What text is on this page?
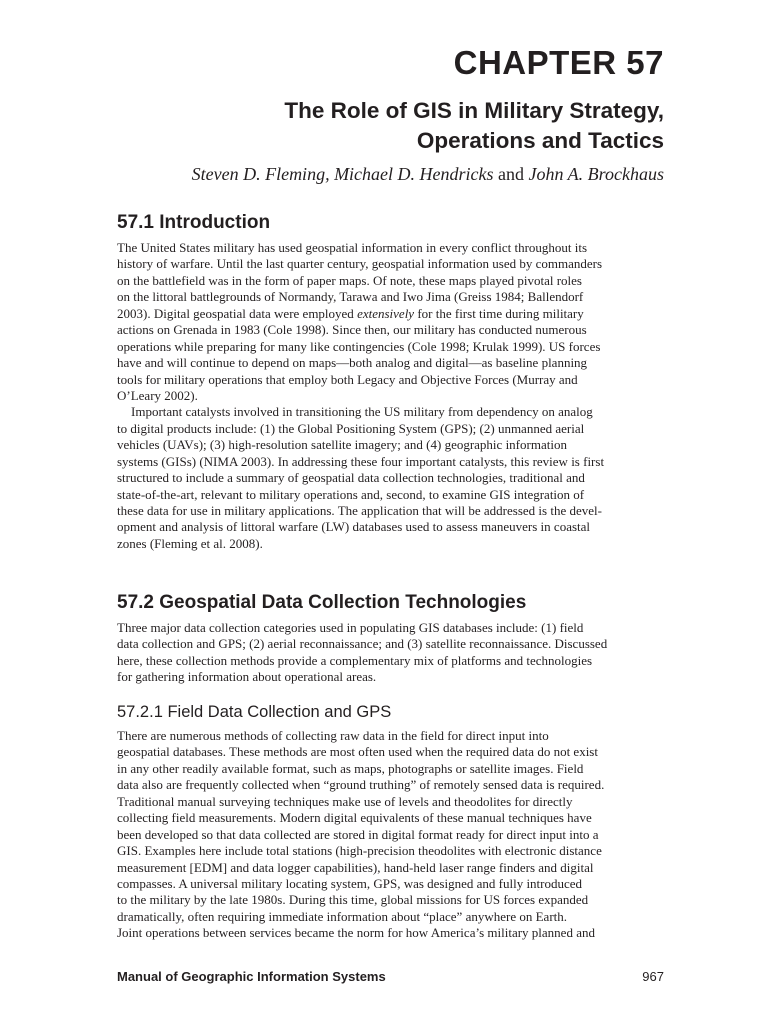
CHAPTER 57
The Role of GIS in Military Strategy,
Operations and Tactics
Steven D. Fleming, Michael D. Hendricks and John A. Brockhaus
57.1 Introduction
The United States military has used geospatial information in every conflict throughout its
history of warfare. Until the last quarter century, geospatial information used by commanders
on the battlefield was in the form of paper maps. Of note, these maps played pivotal roles
on the littoral battlegrounds of Normandy, Tarawa and Iwo Jima (Greiss 1984; Ballendorf
2003). Digital geospatial data were employed extensively for the first time during military
actions on Grenada in 1983 (Cole 1998). Since then, our military has conducted numerous
operations while preparing for many like contingencies (Cole 1998; Krulak 1999). US forces
have and will continue to depend on maps—both analog and digital—as baseline planning
tools for military operations that employ both Legacy and Objective Forces (Murray and
O’Leary 2002).
Important catalysts involved in transitioning the US military from dependency on analog
to digital products include: (1) the Global Positioning System (GPS); (2) unmanned aerial
vehicles (UAVs); (3) high-resolution satellite imagery; and (4) geographic information
systems (GISs) (NIMA 2003). In addressing these four important catalysts, this review is first
structured to include a summary of geospatial data collection technologies, traditional and
state-of-the-art, relevant to military operations and, second, to examine GIS integration of
these data for use in military applications. The application that will be addressed is the devel-
opment and analysis of littoral warfare (LW) databases used to assess maneuvers in coastal
zones (Fleming et al. 2008).
57.2 Geospatial Data Collection Technologies
Three major data collection categories used in populating GIS databases include: (1) field
data collection and GPS; (2) aerial reconnaissance; and (3) satellite reconnaissance. Discussed
here, these collection methods provide a complementary mix of platforms and technologies
for gathering information about operational areas.
57.2.1 Field Data Collection and GPS
There are numerous methods of collecting raw data in the field for direct input into
geospatial databases. These methods are most often used when the required data do not exist
in any other readily available format, such as maps, photographs or satellite images. Field
data also are frequently collected when “ground truthing” of remotely sensed data is required.
Traditional manual surveying techniques make use of levels and theodolites for directly
collecting field measurements. Modern digital equivalents of these manual techniques have
been developed so that data collected are stored in digital format ready for direct input into a
GIS. Examples here include total stations (high-precision theodolites with electronic distance
measurement [EDM] and data logger capabilities), hand-held laser range finders and digital
compasses. A universal military locating system, GPS, was designed and fully introduced
to the military by the late 1980s. During this time, global missions for US forces expanded
dramatically, often requiring immediate information about “place” anywhere on Earth.
Joint operations between services became the norm for how America’s military planned and
Manual of Geographic Information Systems	967
